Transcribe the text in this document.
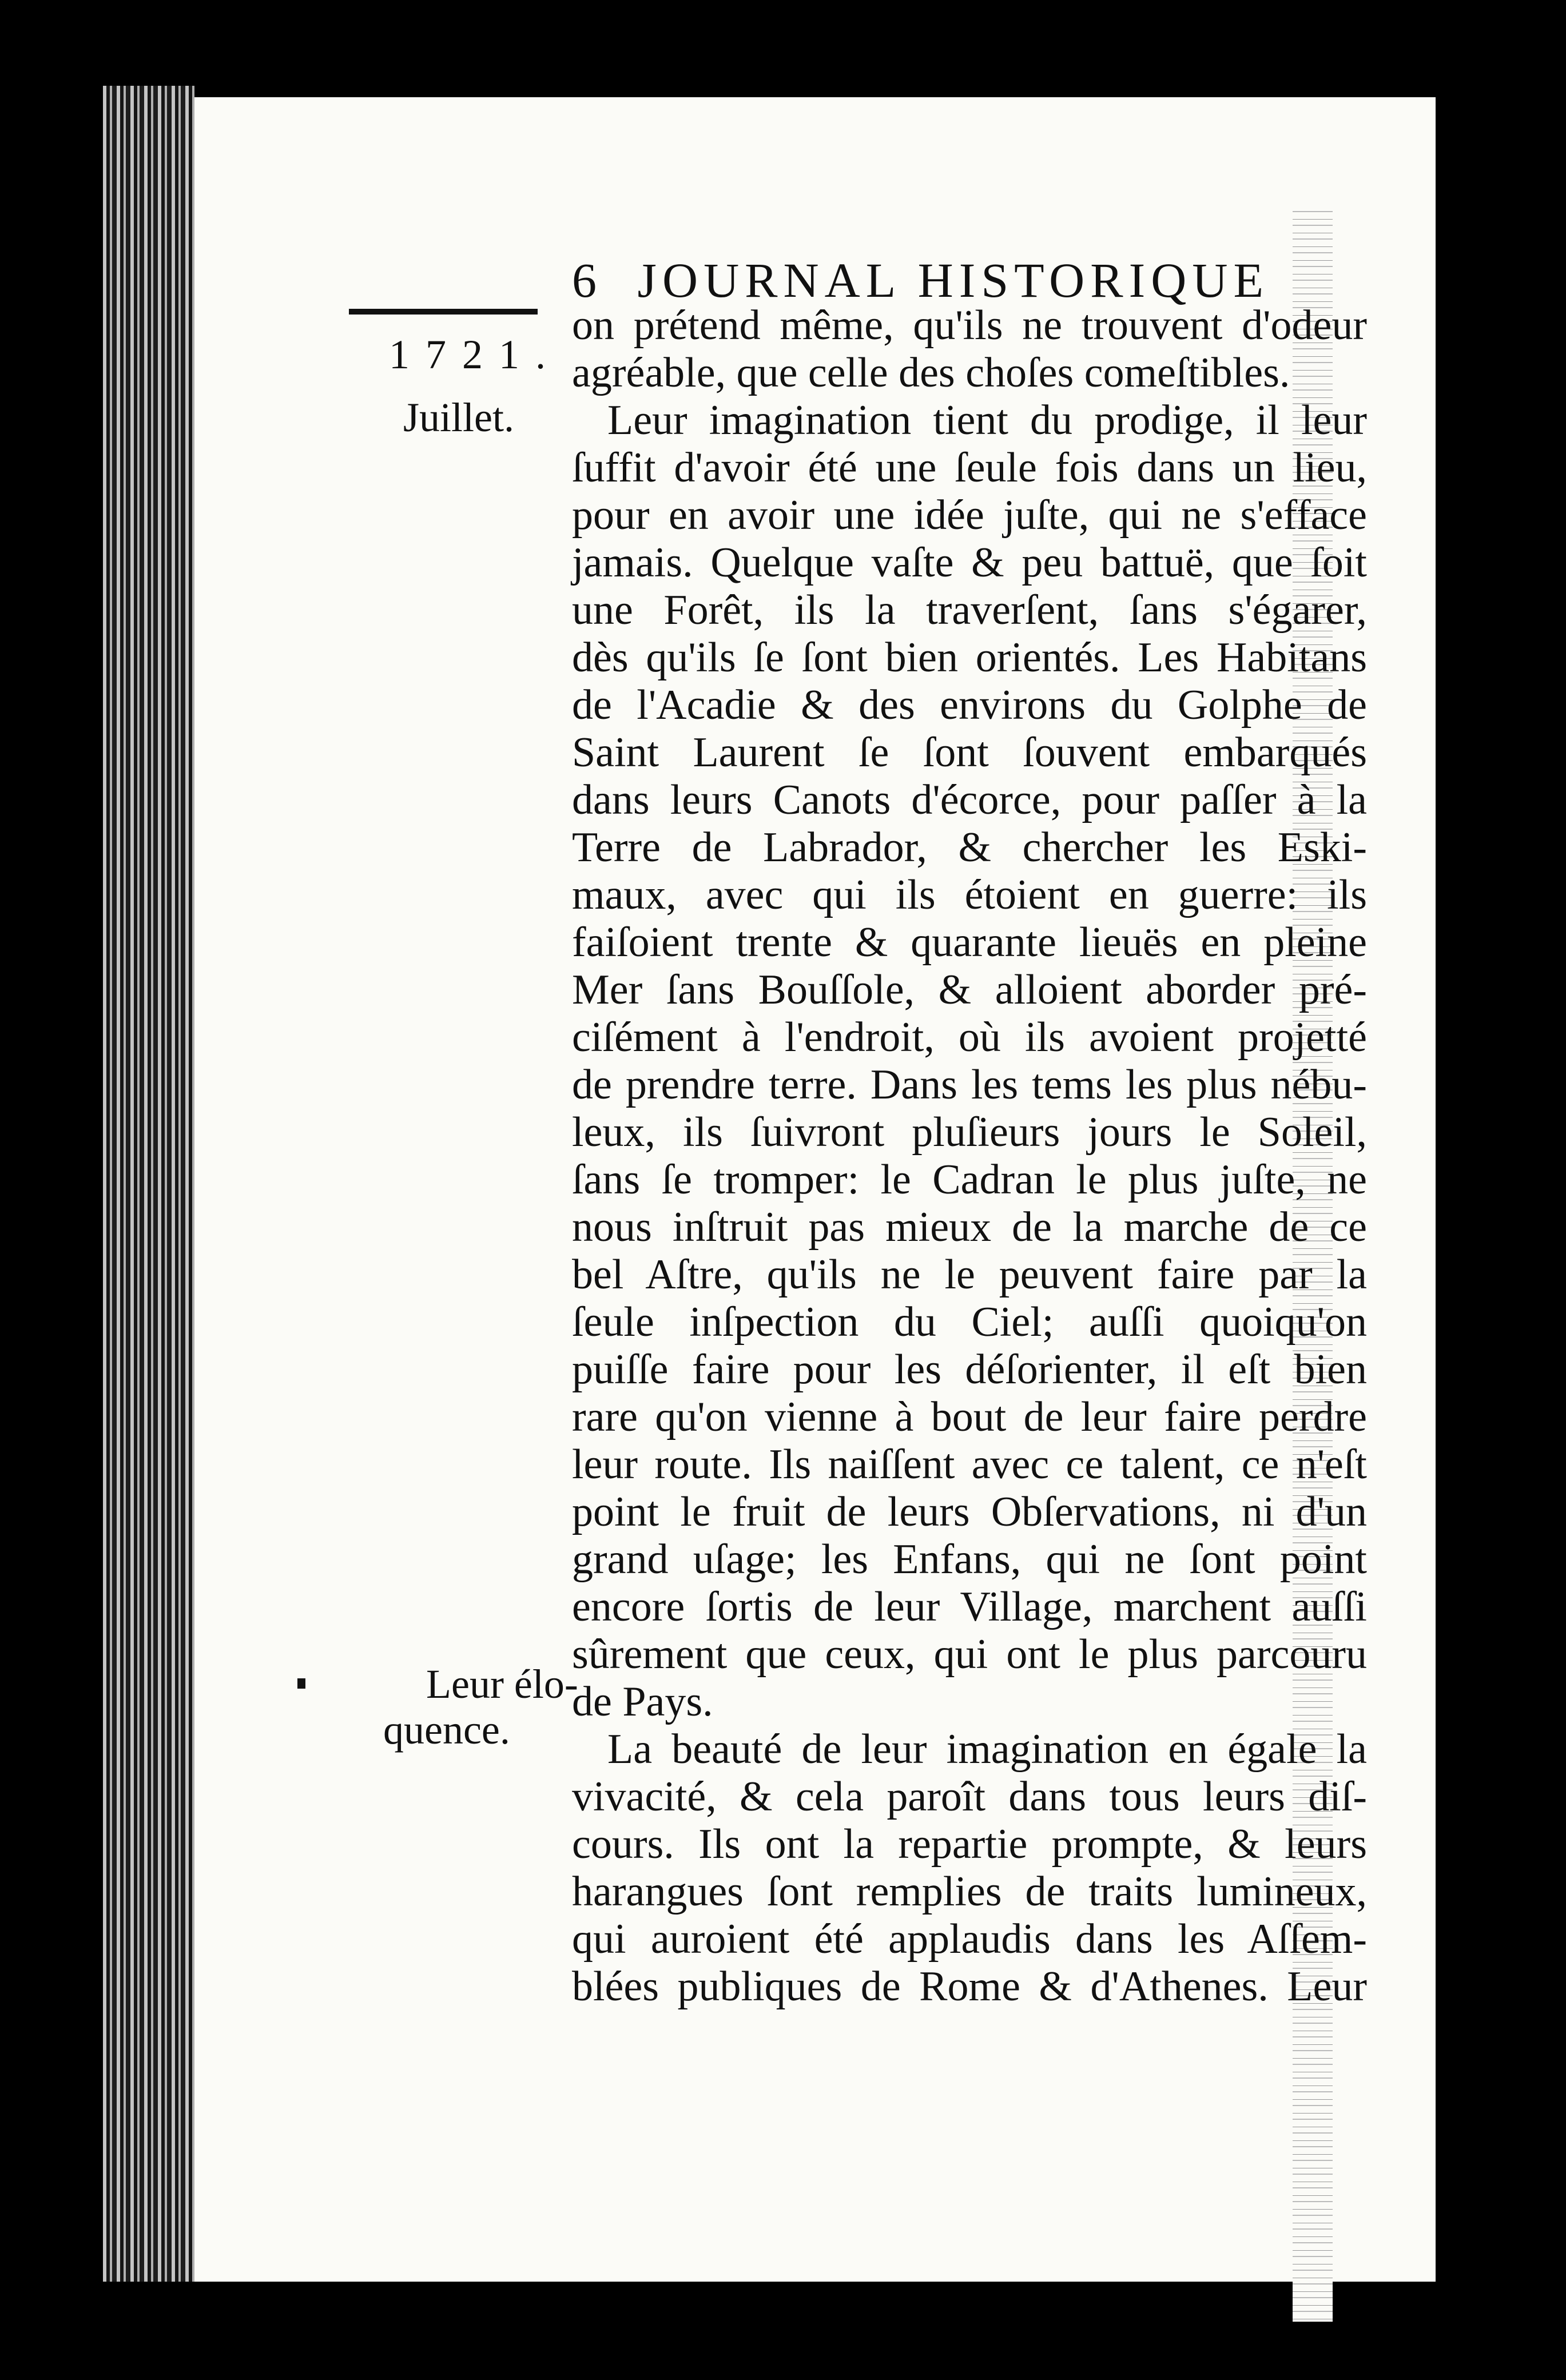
6 JOURNAL HISTORIQUE
1721.
Juillet.
Leur élo-
quence.
on prétend même, qu'ils ne trouvent d'odeur
agréable, que celle des choſes comeſtibles.
Leur imagination tient du prodige, il leur
ſuffit d'avoir été une ſeule fois dans un lieu,
pour en avoir une idée juſte, qui ne s'efface
jamais. Quelque vaſte & peu battuë, que ſoit
une Forêt, ils la traverſent, ſans s'égarer,
dès qu'ils ſe ſont bien orientés. Les Habitans
de l'Acadie & des environs du Golphe de
Saint Laurent ſe ſont ſouvent embarqués
dans leurs Canots d'écorce, pour paſſer à la
Terre de Labrador, & chercher les Eski-
maux, avec qui ils étoient en guerre: ils
faiſoient trente & quarante lieuës en pleine
Mer ſans Bouſſole, & alloient aborder pré-
ciſément à l'endroit, où ils avoient projetté
de prendre terre. Dans les tems les plus nébu-
leux, ils ſuivront pluſieurs jours le Soleil,
ſans ſe tromper: le Cadran le plus juſte, ne
nous inſtruit pas mieux de la marche de ce
bel Aſtre, qu'ils ne le peuvent faire par la
ſeule inſpection du Ciel; auſſi quoiqu'on
puiſſe faire pour les déſorienter, il eſt bien
rare qu'on vienne à bout de leur faire perdre
leur route. Ils naiſſent avec ce talent, ce n'eſt
point le fruit de leurs Obſervations, ni d'un
grand uſage; les Enfans, qui ne ſont point
encore ſortis de leur Village, marchent auſſi
sûrement que ceux, qui ont le plus parcouru
de Pays.
La beauté de leur imagination en égale la
vivacité, & cela paroît dans tous leurs diſ-
cours. Ils ont la repartie prompte, & leurs
harangues ſont remplies de traits lumineux,
qui auroient été applaudis dans les Aſſem-
blées publiques de Rome & d'Athenes. Leur
